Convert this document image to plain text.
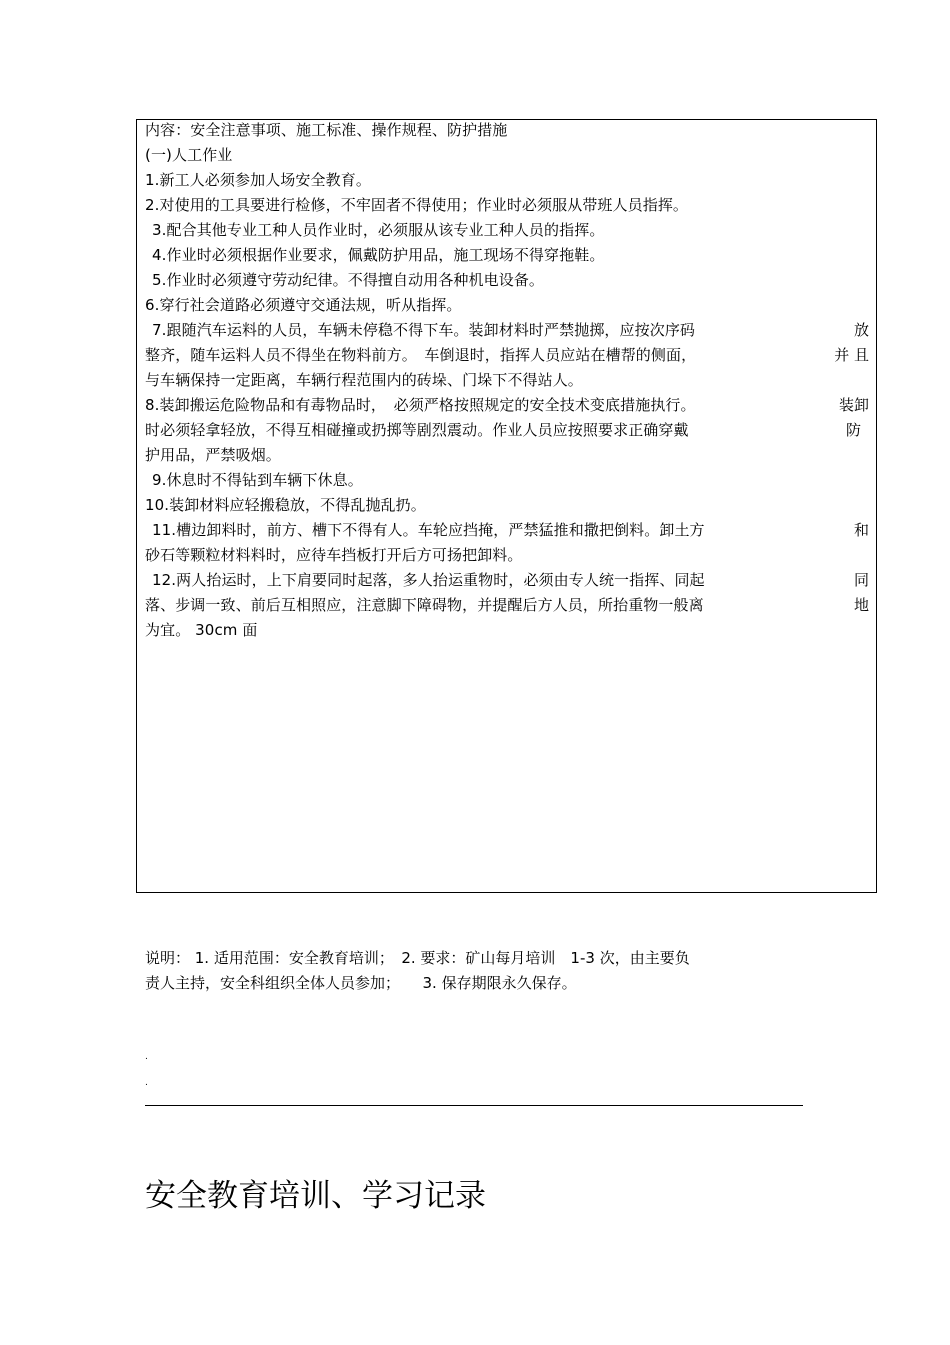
内容：安全注意事项、施工标准、操作规程、防护措施
(一)人工作业
1.新工人必须参加人场安全教育。
2.对使用的工具要进行检修，不牢固者不得使用；作业时必须服从带班人员指挥。
3.配合其他专业工种人员作业时，必须服从该专业工种人员的指挥。
4.作业时必须根据作业要求，佩戴防护用品，施工现场不得穿拖鞋。
5.作业时必须遵守劳动纪律。不得擅自动用各种机电设备。
6.穿行社会道路必须遵守交通法规，听从指挥。
7.跟随汽车运料的人员，车辆未停稳不得下车。装卸材料时严禁抛掷，应按次序码	放
整齐，随车运料人员不得坐在物料前方。　车倒退时，指挥人员应站在槽帮的侧面，	并 且
与车辆保持一定距离，车辆行程范围内的砖垛、门垛下不得站人。
8.装卸搬运危险物品和有毒物品时，　必须严格按照规定的安全技术变底措施执行。	装卸
时必须轻拿轻放，不得互相碰撞或扔掷等剧烈震动。作业人员应按照要求正确穿戴	防
护用品，严禁吸烟。
9.休息时不得钻到车辆下休息。
10.装卸材料应轻搬稳放，不得乱抛乱扔。
11.槽边卸料时，前方、槽下不得有人。车轮应挡掩，严禁猛推和撒把倒料。卸土方	和
砂石等颗粒材料料时，应待车挡板打开后方可扬把卸料。
12.两人抬运时，上下肩要同时起落，多人抬运重物时，必须由专人统一指挥、同起	同
落、步调一致、前后互相照应，注意脚下障碍物，并提醒后方人员，所抬重物一般离	地
为宜。 30cm 面
说明： 1. 适用范围：安全教育培训；　2. 要求：矿山每月培训　1-3 次，由主要负
责人主持，安全科组织全体人员参加；　　3. 保存期限永久保存。
.
.
安全教育培训、学习记录
